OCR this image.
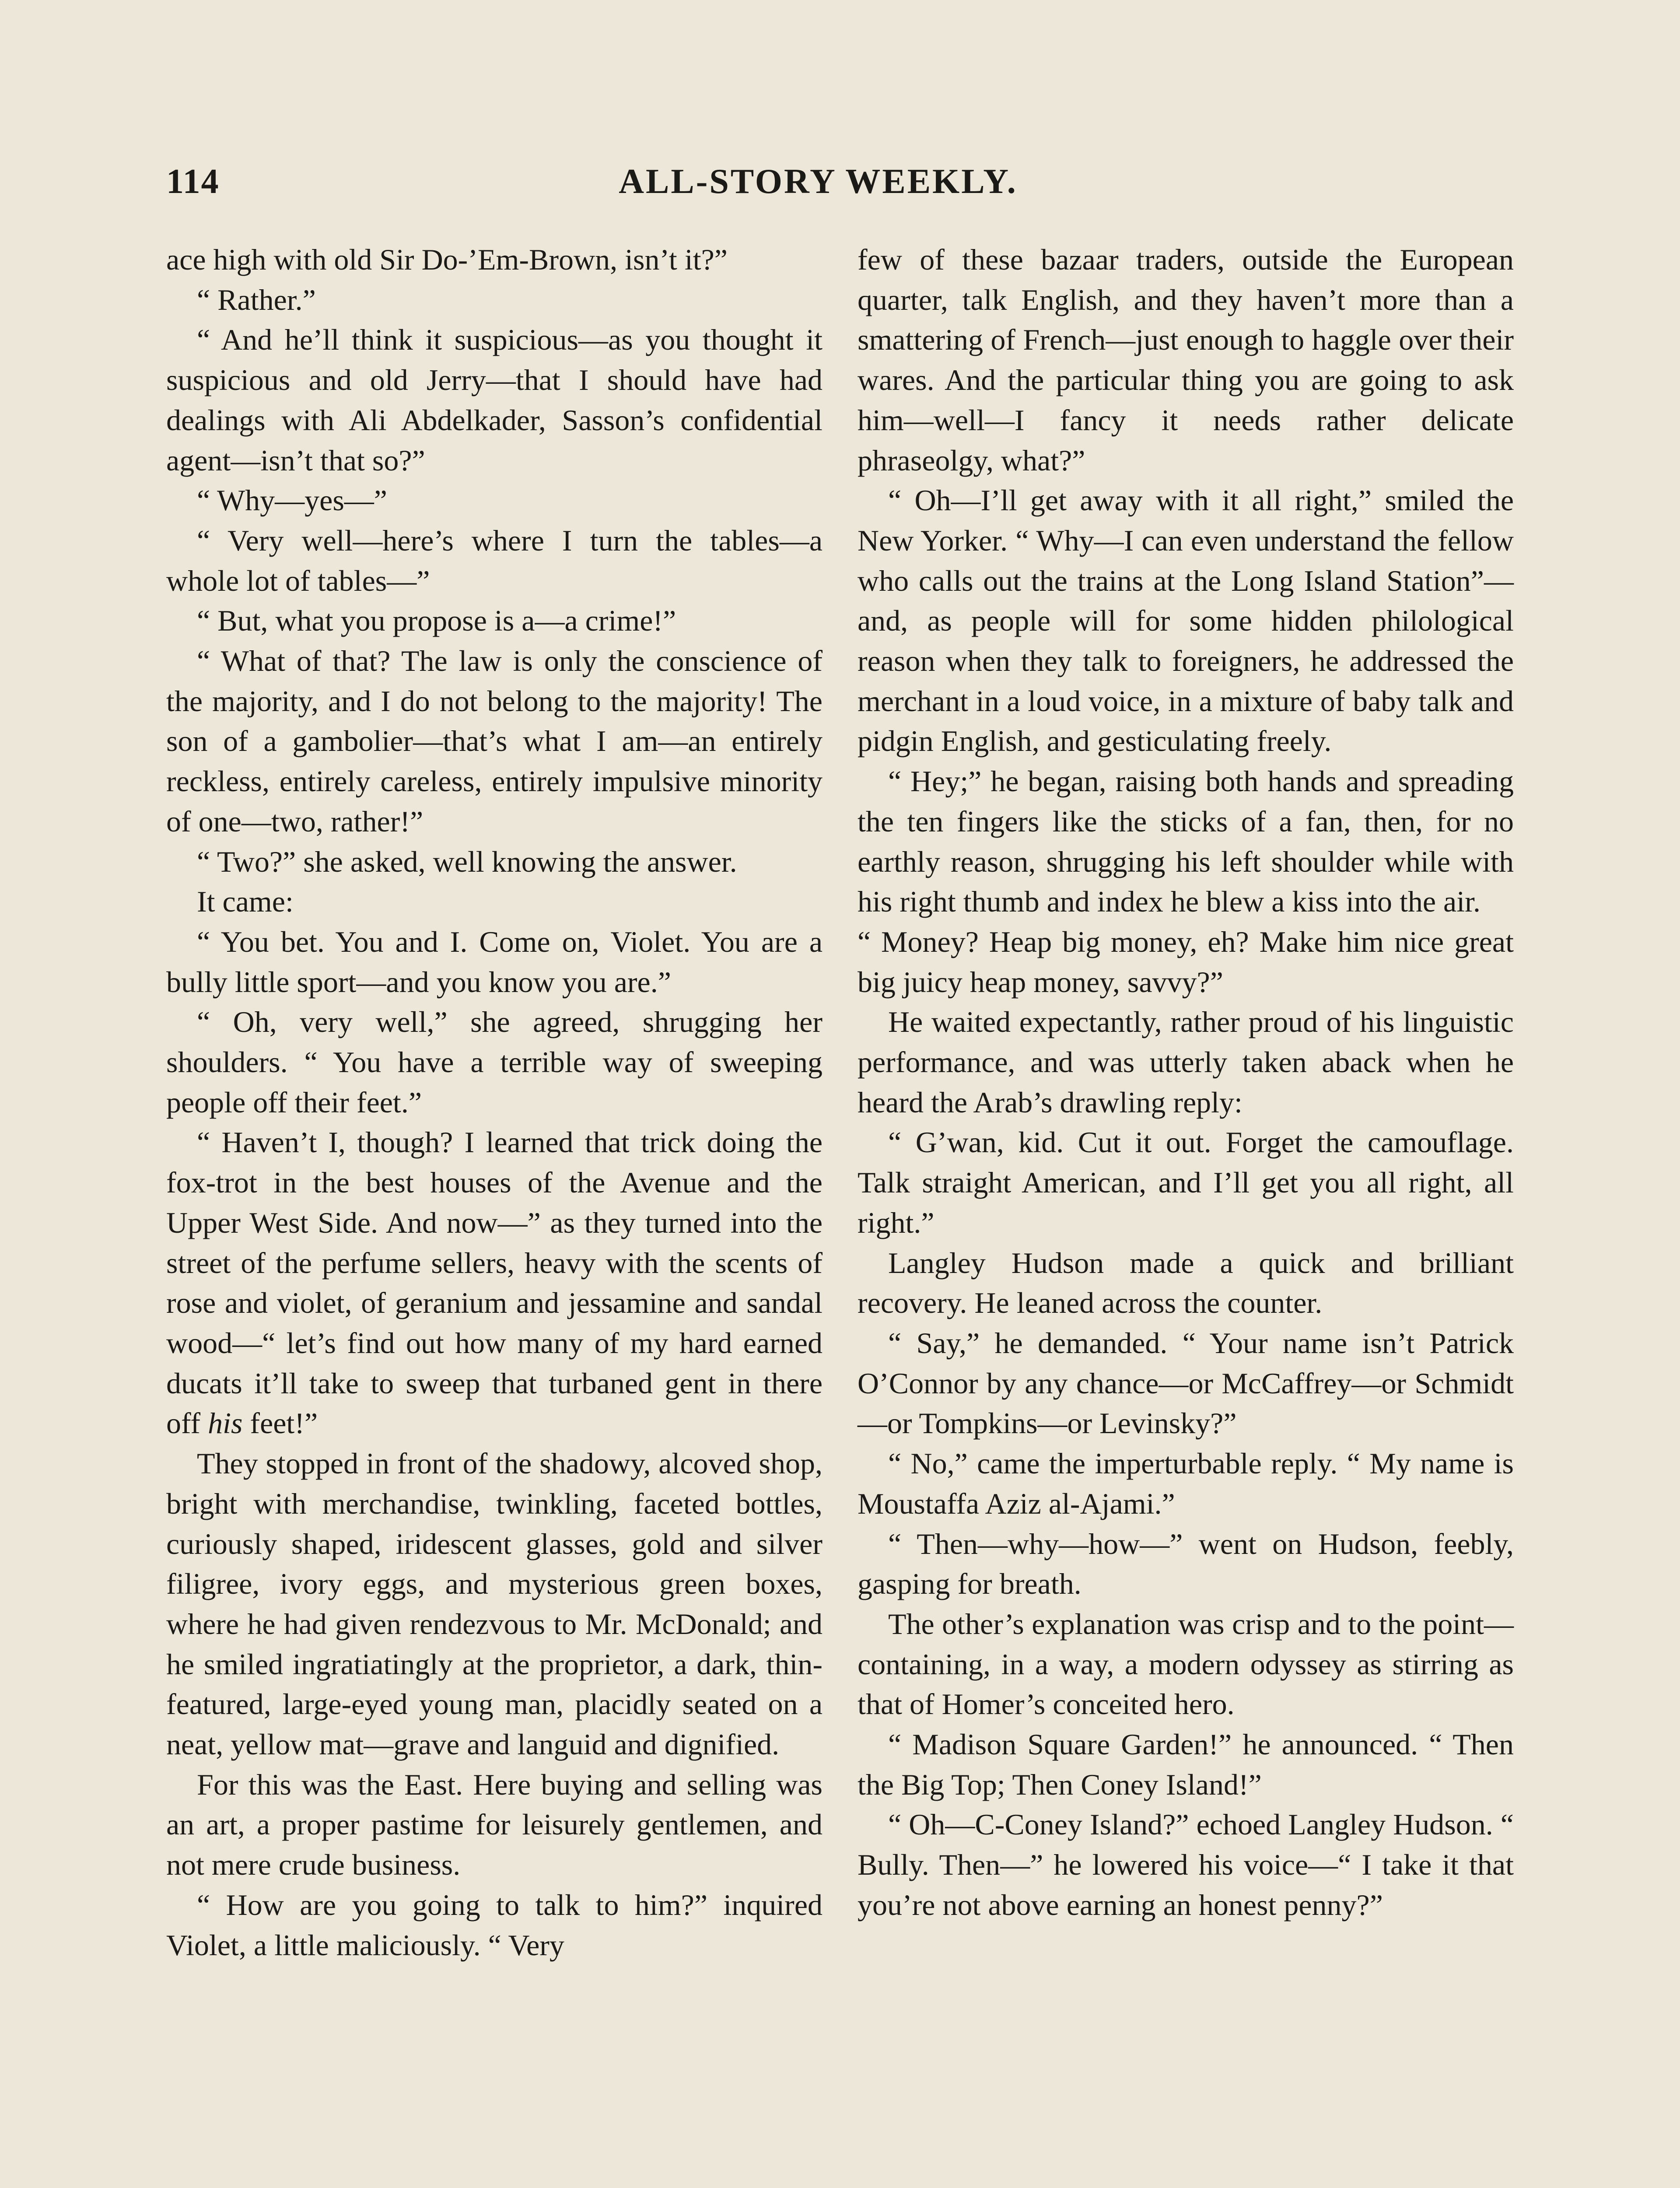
114	ALL-STORY WEEKLY.

ace high with old Sir Do-’Em-Brown, isn’t it?”

“ Rather.”

“ And he’ll think it suspicious—as you thought it suspicious and old Jerry—that I should have had dealings with Ali Abdelkader, Sasson’s confidential agent—isn’t that so?”

“ Why—yes—”

“ Very well—here’s where I turn the tables—a whole lot of tables—”

“ But, what you propose is a—a crime!”

“ What of that? The law is only the conscience of the majority, and I do not belong to the majority! The son of a gambolier—that’s what I am—an entirely reckless, entirely careless, entirely impulsive minority of one—two, rather!”

“ Two?” she asked, well knowing the answer.

It came:

“ You bet. You and I. Come on, Violet. You are a bully little sport—and you know you are.”

“ Oh, very well,” she agreed, shrugging her shoulders. “ You have a terrible way of sweeping people off their feet.”

“ Haven’t I, though? I learned that trick doing the fox-trot in the best houses of the Avenue and the Upper West Side. And now—” as they turned into the street of the perfume sellers, heavy with the scents of rose and violet, of geranium and jessamine and sandal wood—“ let’s find out how many of my hard earned ducats it’ll take to sweep that turbaned gent in there off his feet!”

They stopped in front of the shadowy, alcoved shop, bright with merchandise, twinkling, faceted bottles, curiously shaped, iridescent glasses, gold and silver filigree, ivory eggs, and mysterious green boxes, where he had given rendezvous to Mr. McDonald; and he smiled ingratiatingly at the proprietor, a dark, thin-featured, large-eyed young man, placidly seated on a neat, yellow mat—grave and languid and dignified.

For this was the East. Here buying and selling was an art, a proper pastime for leisurely gentlemen, and not mere crude business.

“ How are you going to talk to him?” inquired Violet, a little maliciously. “ Very

few of these bazaar traders, outside the European quarter, talk English, and they haven’t more than a smattering of French—just enough to haggle over their wares. And the particular thing you are going to ask him—well—I fancy it needs rather delicate phraseolgy, what?”

“ Oh—I’ll get away with it all right,” smiled the New Yorker. “ Why—I can even understand the fellow who calls out the trains at the Long Island Station”—and, as people will for some hidden philological reason when they talk to foreigners, he addressed the merchant in a loud voice, in a mixture of baby talk and pidgin English, and gesticulating freely.

“ Hey;” he began, raising both hands and spreading the ten fingers like the sticks of a fan, then, for no earthly reason, shrugging his left shoulder while with his right thumb and index he blew a kiss into the air.

“ Money? Heap big money, eh? Make him nice great big juicy heap money, savvy?”

He waited expectantly, rather proud of his linguistic performance, and was utterly taken aback when he heard the Arab’s drawling reply:

“ G’wan, kid. Cut it out. Forget the camouflage. Talk straight American, and I’ll get you all right, all right.”

Langley Hudson made a quick and brilliant recovery. He leaned across the counter.

“ Say,” he demanded. “ Your name isn’t Patrick O’Connor by any chance—or McCaffrey—or Schmidt—or Tompkins—or Levinsky?”

“ No,” came the imperturbable reply. “ My name is Moustaffa Aziz al-Ajami.”

“ Then—why—how—” went on Hudson, feebly, gasping for breath.

The other’s explanation was crisp and to the point—containing, in a way, a modern odyssey as stirring as that of Homer’s conceited hero.

“ Madison Square Garden!” he announced. “ Then the Big Top; Then Coney Island!”

“ Oh—C-Coney Island?” echoed Langley Hudson. “ Bully. Then—” he lowered his voice—“ I take it that you’re not above earning an honest penny?”
